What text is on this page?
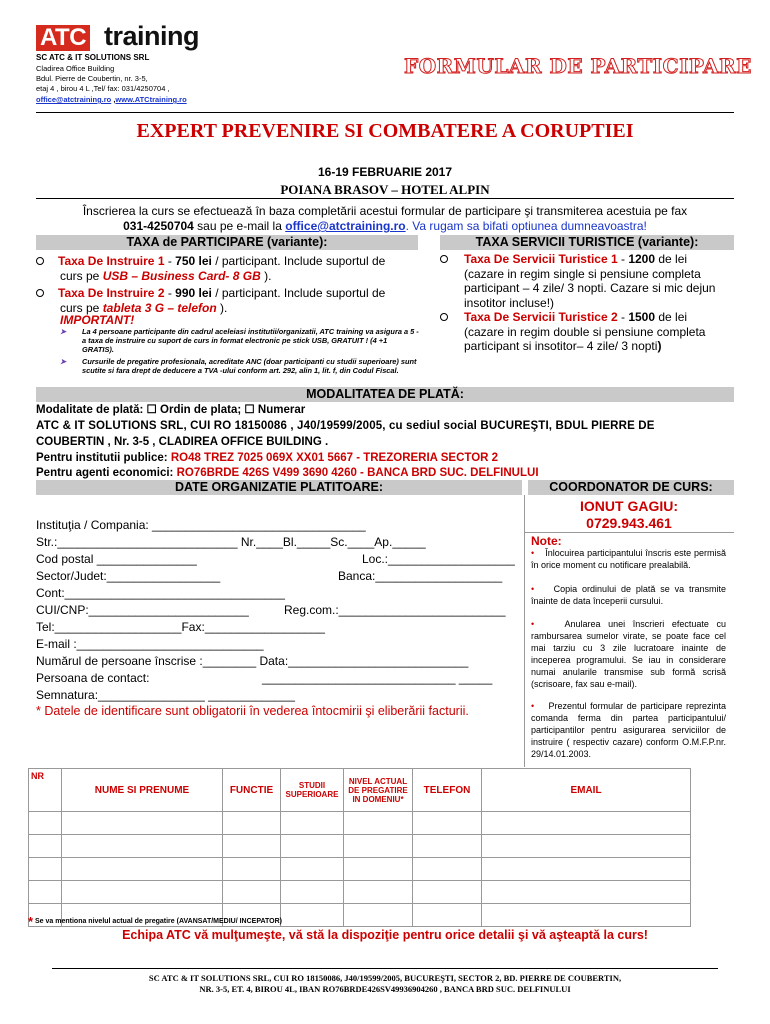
ATC training
SC ATC & IT SOLUTIONS SRL
Cladirea Office Building
Bdul. Pierre de Coubertin, nr. 3-5,
etaj 4 , birou 4 L ,Tel/ fax: 031/4250704 ,
office@atctraining.ro ,www.ATCtraining.ro
FORMULAR DE PARTICIPARE
EXPERT PREVENIRE SI COMBATERE A CORUPTIEI
16-19 FEBRUARIE 2017
POIANA BRASOV – HOTEL ALPIN
Înscrierea la curs se efectuează în baza completării acestui formular de participare şi transmiterea acestuia pe fax
031-4250704 sau pe e-mail la office@atctraining.ro. Va rugam sa bifati optiunea dumneavoastra!
TAXA de PARTICIPARE (variante):	TAXA SERVICII TURISTICE (variante):
Taxa De Instruire 1 - 750 lei / participant. Include suportul de
curs pe USB – Business Card- 8 GB ).
Taxa De Instruire 2 - 990 lei / participant. Include suportul de
curs pe tableta 3 G – telefon ).
IMPORTANT!
➤ La 4 persoane participante din cadrul aceleiasi institutii/organizatii, ATC training va asigura a 5 -a taxa de instruire cu suport de curs in format electronic pe stick USB, GRATUIT ! (4 +1 GRATIS).
➤ Cursurile de pregatire profesionala, acreditate ANC (doar participanti cu studii superioare) sunt scutite si fara drept de deducere a TVA -ului conform art. 292, alin 1, lit. f, din Codul Fiscal.
Taxa De Servicii Turistice 1 - 1200 de lei
(cazare in regim single si pensiune completa participant – 4 zile/ 3 nopti. Cazare si mic dejun insotitor incluse!)
Taxa De Servicii Turistice 2 - 1500 de lei
(cazare in regim double si pensiune completa participant si insotitor– 4 zile/ 3 nopti)
MODALITATEA DE PLATĂ:
Modalitate de plată: ☐ Ordin de plata; ☐ Numerar
ATC & IT SOLUTIONS SRL, CUI RO 18150086 , J40/19599/2005, cu sediul social BUCUREŞTI, BDUL PIERRE DE
COUBERTIN , Nr. 3-5 , CLADIREA OFFICE BUILDING .
Pentru institutii publice: RO48 TREZ 7025 069X XX01 5667 - TREZORERIA SECTOR 2
Pentru agenti economici: RO76BRDE 426S V499 3690 4260 - BANCA BRD SUC. DELFINULUI
DATE ORGANIZATIE PLATITOARE:	COORDONATOR DE CURS:
Instituţia / Compania: ________________________________
Str.:___________________________ Nr.____Bl._____Sc.____Ap._____
Cod postal _______________	Loc.:___________________
Sector/Judet:_________________	Banca:___________________
Cont:_________________________________
CUI/CNP:________________________	Reg.com.:_________________________
Tel:___________________Fax:__________________
E-mail :____________________________
Numărul de persoane înscrise :________ Data:___________________________
Persoana de contact:	_____________________________ _____
Semnatura:________________ _____________
* Datele de identificare sunt obligatorii în vederea întocmirii şi eliberării facturii.
IONUT GAGIU:
0729.943.461
Note:
• Înlocuirea participantului înscris este permisă în orice moment cu notificare prealabilă.
• Copia ordinului de plată se va transmite înainte de data începerii cursului.
•	Anularea unei înscrieri efectuate cu rambursarea sumelor virate, se poate face cel mai tarziu cu 3 zile lucratoare inainte de inceperea programului. Se iau in considerare numai anularile transmise sub formă scrisă (scrisoare, fax sau e-mail).
• Prezentul formular de participare reprezinta comanda ferma din partea participantului/ participantilor pentru asigurarea serviciilor de instruire ( respectiv cazare) conform O.M.F.P.nr. 29/14.01.2003.
NR	NUME SI PRENUME	FUNCTIE	STUDII SUPERIOARE	NIVEL ACTUAL DE PREGATIRE IN DOMENIU*	TELEFON	EMAIL

* Se va mentiona nivelul actual de pregatire (AVANSAT/MEDIU/ INCEPATOR)
Echipa ATC vă mulţumeşte, vă stă la dispoziţie pentru orice detalii şi vă aşteaptă la curs!
SC ATC & IT SOLUTIONS SRL, CUI RO 18150086, J40/19599/2005, BUCUREŞTI, SECTOR 2, BD. PIERRE DE COUBERTIN,
NR. 3-5, ET. 4, BIROU 4L, IBAN RO76BRDE426SV49936904260 , BANCA BRD SUC. DELFINULUI
